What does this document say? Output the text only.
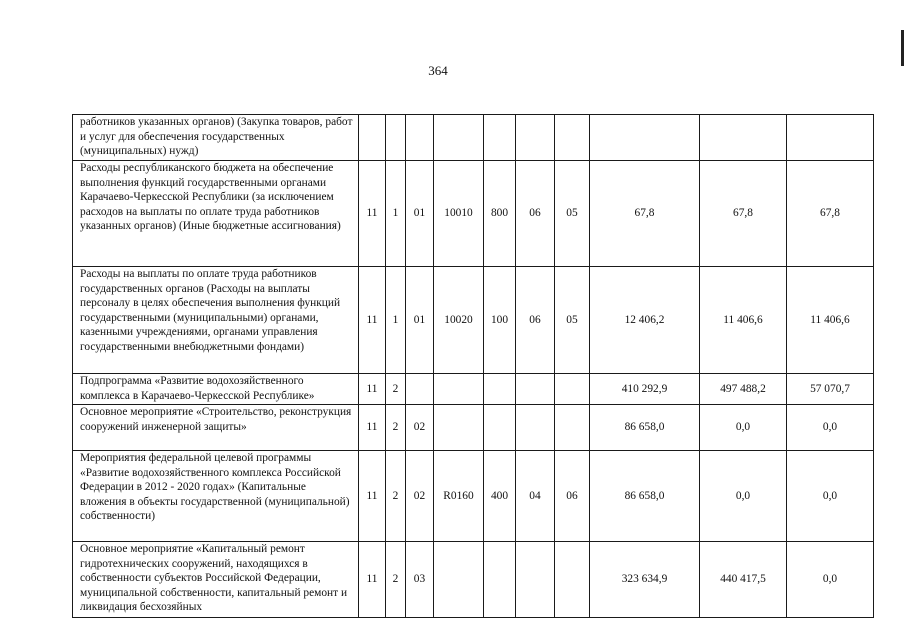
364
работников указанных органов) (Закупка товаров, работ и услуг для обеспечения государственных (муниципальных) нужд)										
Расходы республиканского бюджета на обеспечение выполнения функций государственными органами Карачаево-Черкесской Республики (за исключением расходов на выплаты по оплате труда работников указанных органов) (Иные бюджетные ассигнования)	11	1	01	10010	800	06	05	67,8	67,8	67,8
Расходы на выплаты по оплате труда работников государственных органов (Расходы на выплаты персоналу в целях обеспечения выполнения функций государственными (муниципальными) органами, казенными учреждениями, органами управления государственными внебюджетными фондами)	11	1	01	10020	100	06	05	12 406,2	11 406,6	11 406,6
Подпрограмма «Развитие водохозяйственного комплекса в Карачаево-Черкесской Республике»	11	2						410 292,9	497 488,2	57 070,7
Основное мероприятие «Строительство, реконструкция сооружений инженерной защиты»	11	2	02					86 658,0	0,0	0,0
Мероприятия федеральной целевой программы «Развитие водохозяйственного комплекса Российской Федерации в 2012 - 2020 годах» (Капитальные вложения в объекты государственной (муниципальной) собственности)	11	2	02	R0160	400	04	06	86 658,0	0,0	0,0
Основное мероприятие «Капитальный ремонт гидротехнических сооружений, находящихся в собственности субъектов Российской Федерации, муниципальной собственности, капитальный ремонт и ликвидация бесхозяйных	11	2	03					323 634,9	440 417,5	0,0
